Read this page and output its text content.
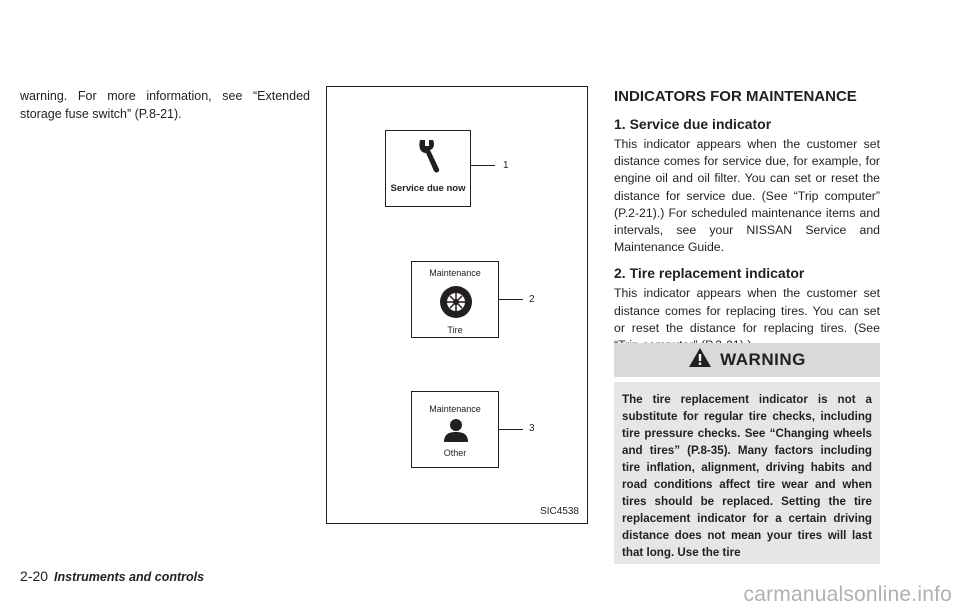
warning. For more information, see “Extended storage fuse switch” (P.8-21).

Service due now
1
Maintenance
Tire
2
Maintenance
Other
3
SIC4538
INDICATORS FOR MAINTENANCE
1. Service due indicator

This indicator appears when the customer set distance comes for service due, for example, for engine oil and oil filter. You can set or reset the distance for service due. (See “Trip computer” (P.2-21).) For scheduled maintenance items and intervals, see your NISSAN Service and Maintenance Guide.

2. Tire replacement indicator

This indicator appears when the customer set distance comes for replacing tires. You can set or reset the distance for replacing tires. (See

WARNING
The tire replacement indicator is not a substitute for regular tire checks, including tire pressure checks. See “Changing wheels and tires” (P.8-35). Many factors including tire inflation, alignment, driving habits and road conditions affect tire wear and when tires should be replaced. Setting the tire replacement indicator for a certain driving distance does not mean your tires will last that long. Use the tire
2-20 Instruments and controls
carmanualsonline.info
